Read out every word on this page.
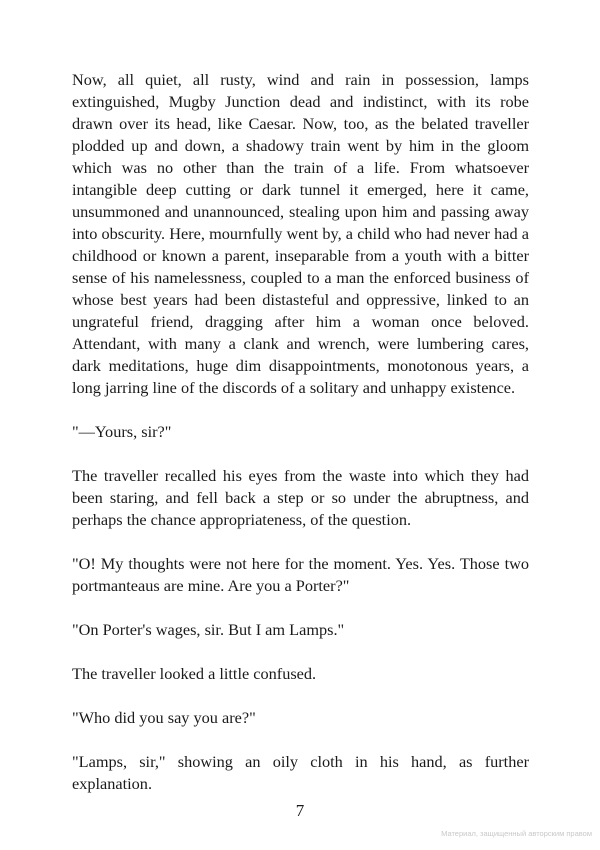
Now, all quiet, all rusty, wind and rain in possession, lamps extinguished, Mugby Junction dead and indistinct, with its robe drawn over its head, like Caesar. Now, too, as the belated traveller plodded up and down, a shadowy train went by him in the gloom which was no other than the train of a life. From whatsoever intangible deep cutting or dark tunnel it emerged, here it came, unsummoned and unannounced, stealing upon him and passing away into obscurity. Here, mournfully went by, a child who had never had a childhood or known a parent, inseparable from a youth with a bitter sense of his namelessness, coupled to a man the enforced business of whose best years had been distasteful and oppressive, linked to an ungrateful friend, dragging after him a woman once beloved. Attendant, with many a clank and wrench, were lumbering cares, dark meditations, huge dim disappointments, monotonous years, a long jarring line of the discords of a solitary and unhappy existence.

"—Yours, sir?"

The traveller recalled his eyes from the waste into which they had been staring, and fell back a step or so under the abruptness, and perhaps the chance appropriateness, of the question.

"O! My thoughts were not here for the moment. Yes. Yes. Those two portmanteaus are mine. Are you a Porter?"

"On Porter's wages, sir. But I am Lamps."

The traveller looked a little confused.

"Who did you say you are?"

"Lamps, sir," showing an oily cloth in his hand, as further explanation.

7
Материал, защищенный авторским правом
